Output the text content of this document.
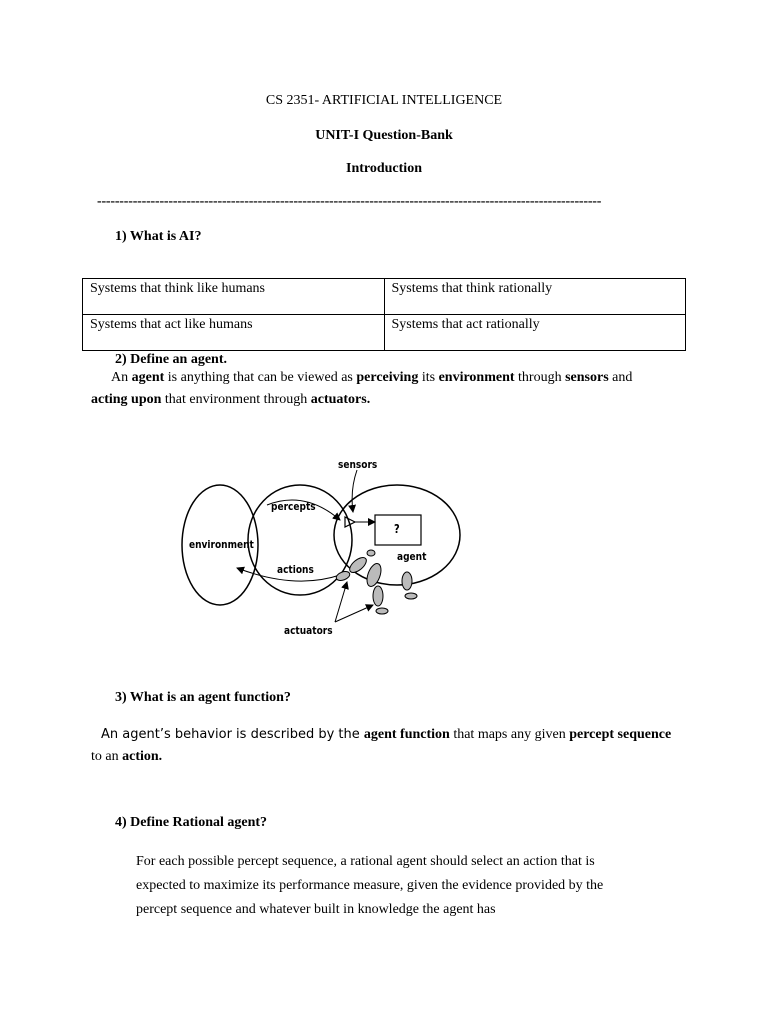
CS 2351- ARTIFICIAL INTELLIGENCE
UNIT-I Question-Bank
Introduction
-----------------------------------------------------------------------------------------------------------------
1) What is AI?
Systems that think like humans	Systems that think rationally
Systems that act like humans	Systems that act rationally
2) Define an agent.
An agent is anything that can be viewed as perceiving its environment through sensors and
acting upon that environment through actuators.
sensors
percepts
environment
actions
?
agent
actuators
3) What is an agent function?
An agent’s behavior is described by the agent function that maps any given percept sequence
to an action.
4) Define Rational agent?
For each possible percept sequence, a rational agent should select an action that is
expected to maximize its performance measure, given the evidence provided by the
percept sequence and whatever built in knowledge the agent has
